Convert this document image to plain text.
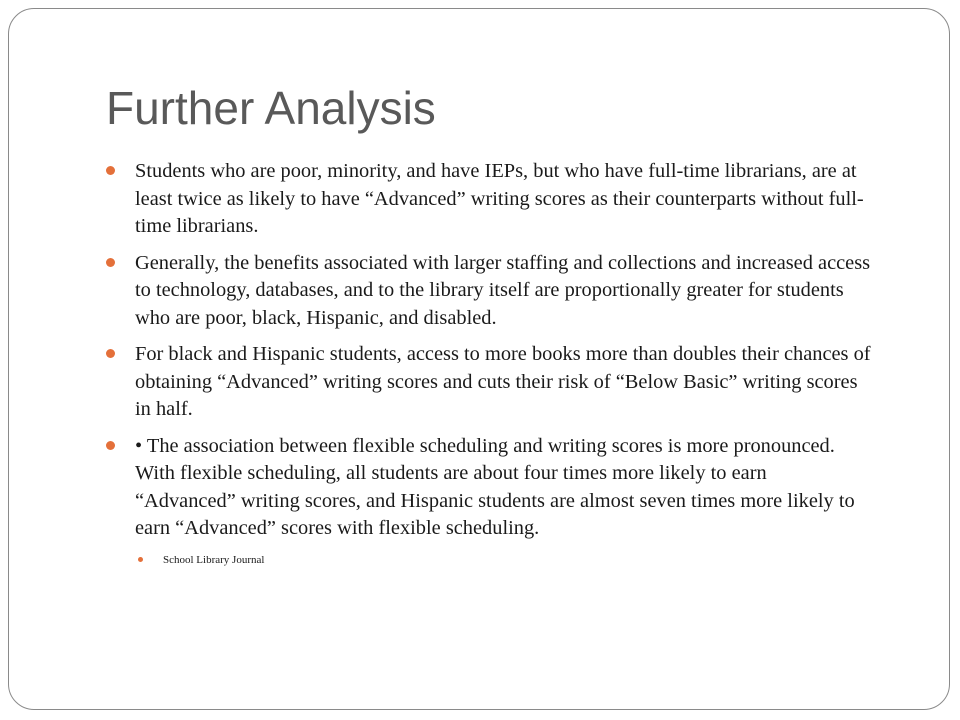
Further Analysis
Students who are poor, minority, and have IEPs, but who have full-time librarians, are at least twice as likely to have “Advanced” writing scores as their counterparts without full-time librarians.
Generally, the benefits associated with larger staffing and collections and increased access to technology, databases, and to the library itself are proportionally greater for students who are poor, black, Hispanic, and disabled.
For black and Hispanic students, access to more books more than doubles their chances of obtaining “Advanced” writing scores and cuts their risk of “Below Basic” writing scores in half.
• The association between flexible scheduling and writing scores is more pronounced. With flexible scheduling, all students are about four times more likely to earn “Advanced” writing scores, and Hispanic students are almost seven times more likely to earn “Advanced” scores with flexible scheduling.
School Library Journal
